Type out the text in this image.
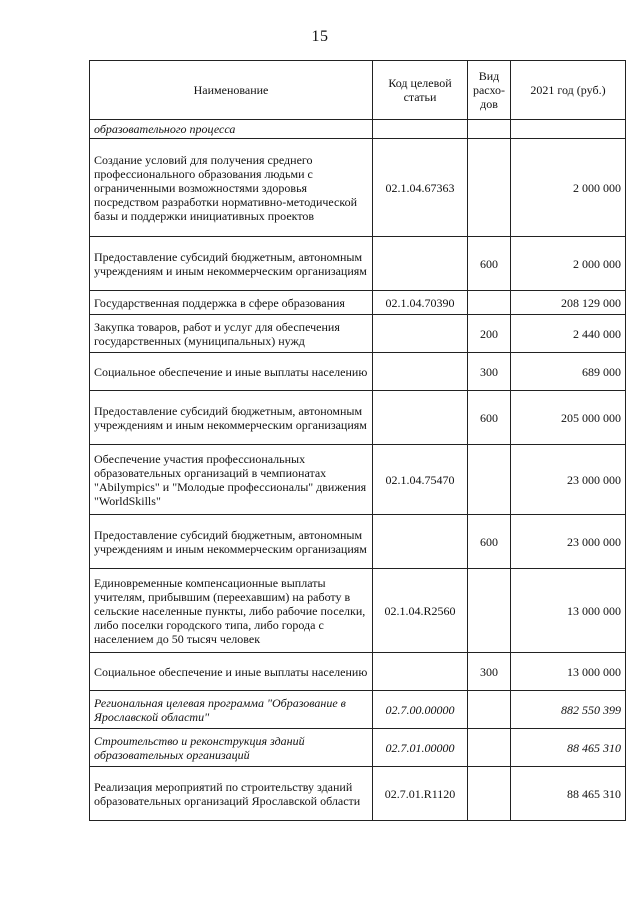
15
Наименование	Код целевой статьи	Вид расхо-дов	2021 год (руб.)
образовательного процесса			
Создание условий для получения среднего профессионального образования людьми с ограниченными возможностями здоровья посредством разработки нормативно-методической базы и поддержки инициативных проектов	02.1.04.67363		2 000 000
Предоставление субсидий бюджетным, автономным учреждениям и иным некоммерческим организациям		600	2 000 000
Государственная поддержка в сфере образования	02.1.04.70390		208 129 000
Закупка товаров, работ и услуг для обеспечения государственных (муниципальных) нужд		200	2 440 000
Социальное обеспечение и иные выплаты населению		300	689 000
Предоставление субсидий бюджетным, автономным учреждениям и иным некоммерческим организациям		600	205 000 000
Обеспечение участия профессиональных образовательных организаций в чемпионатах "Abilympics" и "Молодые профессионалы" движения "WorldSkills"	02.1.04.75470		23 000 000
Предоставление субсидий бюджетным, автономным учреждениям и иным некоммерческим организациям		600	23 000 000
Единовременные компенсационные выплаты учителям, прибывшим (переехавшим) на работу в сельские населенные пункты, либо рабочие поселки, либо поселки городского типа, либо города с населением до 50 тысяч человек	02.1.04.R2560		13 000 000
Социальное обеспечение и иные выплаты населению		300	13 000 000
Региональная целевая программа "Образование в Ярославской области"	02.7.00.00000		882 550 399
Строительство и реконструкция зданий образовательных организаций	02.7.01.00000		88 465 310
Реализация мероприятий по строительству зданий образовательных организаций Ярославской области	02.7.01.R1120		88 465 310
